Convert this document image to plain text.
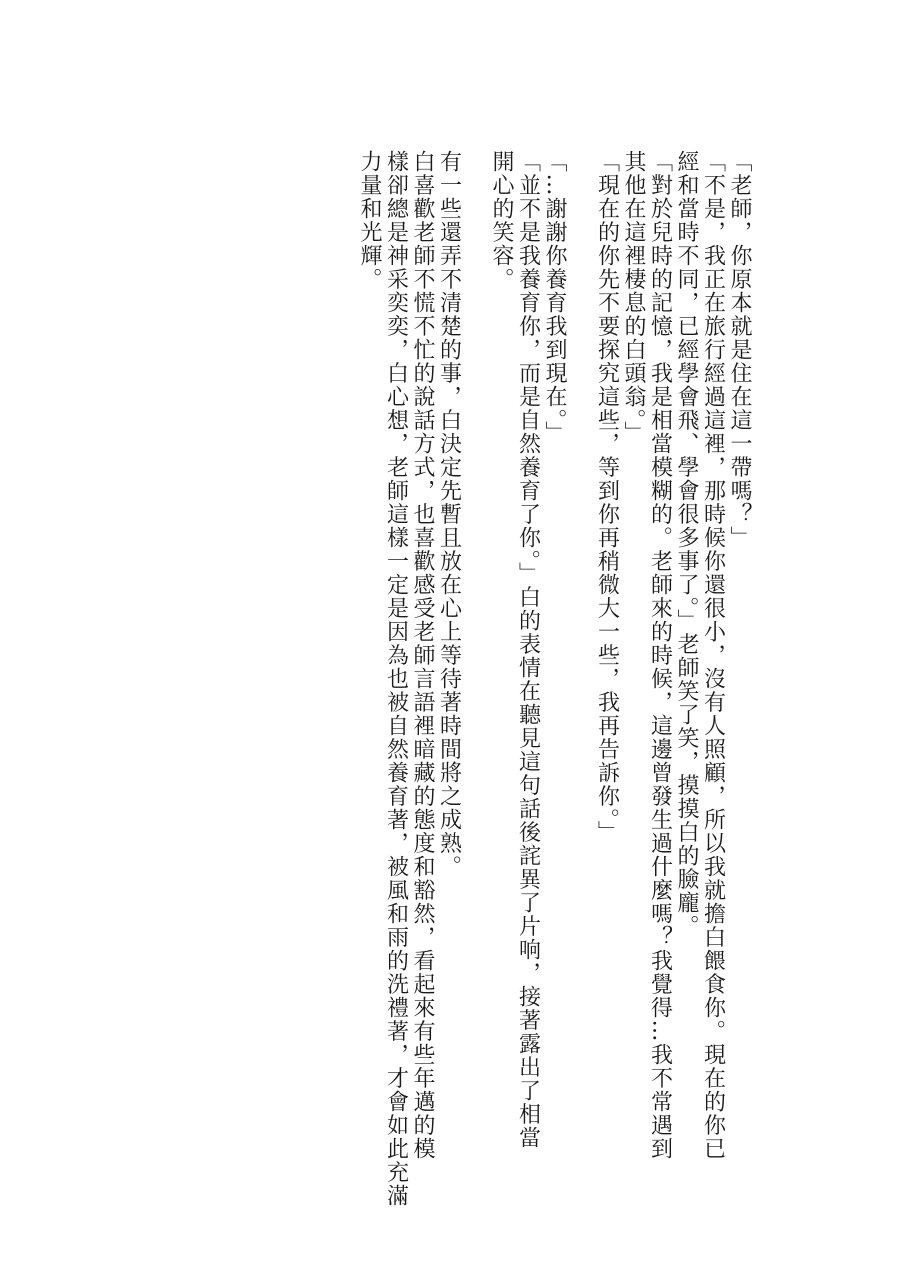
「老師，你原本就是住在這一帶嗎？」
「不是，我正在旅行經過這裡，那時候你還很小，沒有人照顧，所以我就擔白餵食你。現在的你已
經和當時不同，已經學會飛、學會很多事了。」老師笑了笑，摸摸白的臉龐。
「對於兒時的記憶，我是相當模糊的。老師來的時候，這邊曾發生過什麼嗎？我覺得…我不常遇到
其他在這裡棲息的白頭翁。」
「現在的你先不要探究這些，等到你再稍微大一些，我再告訴你。」
「…謝謝你養育我到現在。」
「並不是我養育你，而是自然養育了你。」白的表情在聽見這句話後詫異了片响，接著露出了相當
開心的笑容。
有一些還弄不清楚的事，白決定先暫且放在心上等待著時間將之成熟。
白喜歡老師不慌不忙的說話方式，也喜歡感受老師言語裡暗藏的態度和豁然，看起來有些年邁的模
樣卻總是神采奕奕，白心想，老師這樣一定是因為也被自然養育著，被風和雨的洗禮著，才會如此充滿
力量和光輝。
